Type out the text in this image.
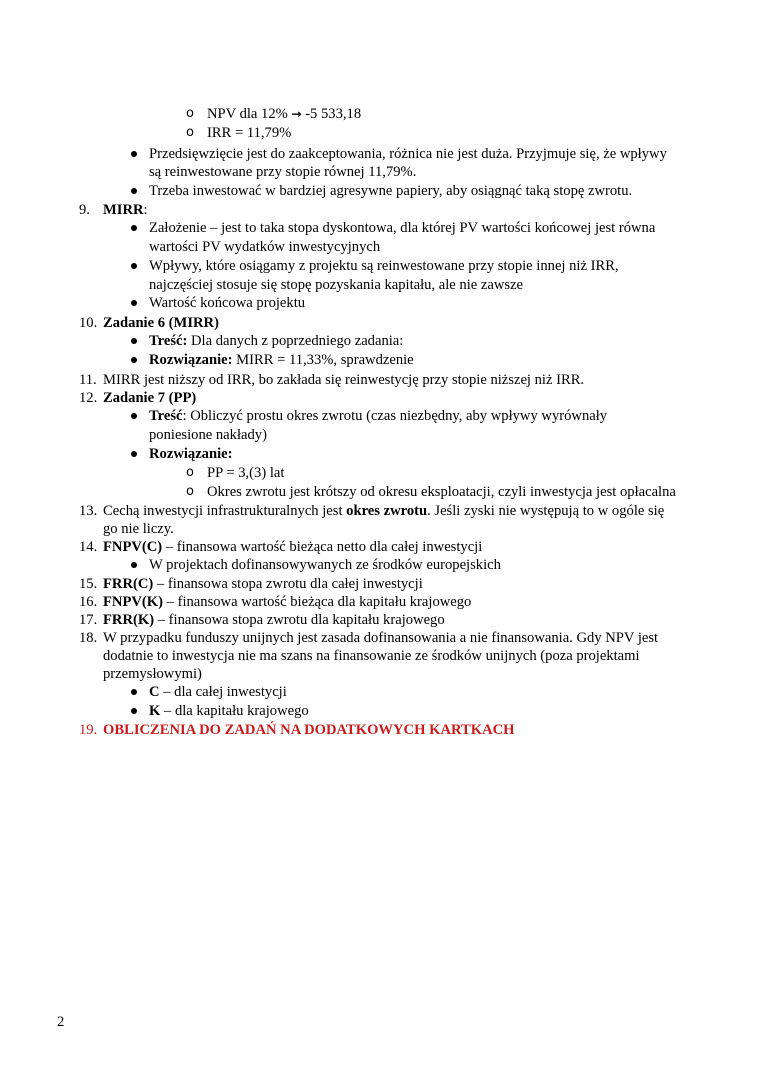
o NPV dla 12% → -5 533,18
o IRR = 11,79%
Przedsięwzięcie jest do zaakceptowania, różnica nie jest duża. Przyjmuje się, że wpływy
są reinwestowane przy stopie równej 11,79%.
Trzeba inwestować w bardziej agresywne papiery, aby osiągnąć taką stopę zwrotu.
9. MIRR:
Założenie – jest to taka stopa dyskontowa, dla której PV wartości końcowej jest równa
wartości PV wydatków inwestycyjnych
Wpływy, które osiągamy z projektu są reinwestowane przy stopie innej niż IRR,
najczęściej stosuje się stopę pozyskania kapitału, ale nie zawsze
Wartość końcowa projektu
10. Zadanie 6 (MIRR)
Treść: Dla danych z poprzedniego zadania:
Rozwiązanie: MIRR = 11,33%, sprawdzenie
11. MIRR jest niższy od IRR, bo zakłada się reinwestycję przy stopie niższej niż IRR.
12. Zadanie 7 (PP)
Treść: Obliczyć prostu okres zwrotu (czas niezbędny, aby wpływy wyrównały
poniesione nakłady)
Rozwiązanie:
o PP = 3,(3) lat
o Okres zwrotu jest krótszy od okresu eksploatacji, czyli inwestycja jest opłacalna
13. Cechą inwestycji infrastrukturalnych jest okres zwrotu. Jeśli zyski nie występują to w ogóle się
go nie liczy.
14. FNPV(C) – finansowa wartość bieżąca netto dla całej inwestycji
W projektach dofinansowywanych ze środków europejskich
15. FRR(C) – finansowa stopa zwrotu dla całej inwestycji
16. FNPV(K) – finansowa wartość bieżąca dla kapitału krajowego
17. FRR(K) – finansowa stopa zwrotu dla kapitału krajowego
18. W przypadku funduszy unijnych jest zasada dofinansowania a nie finansowania. Gdy NPV jest
dodatnie to inwestycja nie ma szans na finansowanie ze środków unijnych (poza projektami
przemysłowymi)
C – dla całej inwestycji
K – dla kapitału krajowego
19. OBLICZENIA DO ZADAŃ NA DODATKOWYCH KARTKACH
2
